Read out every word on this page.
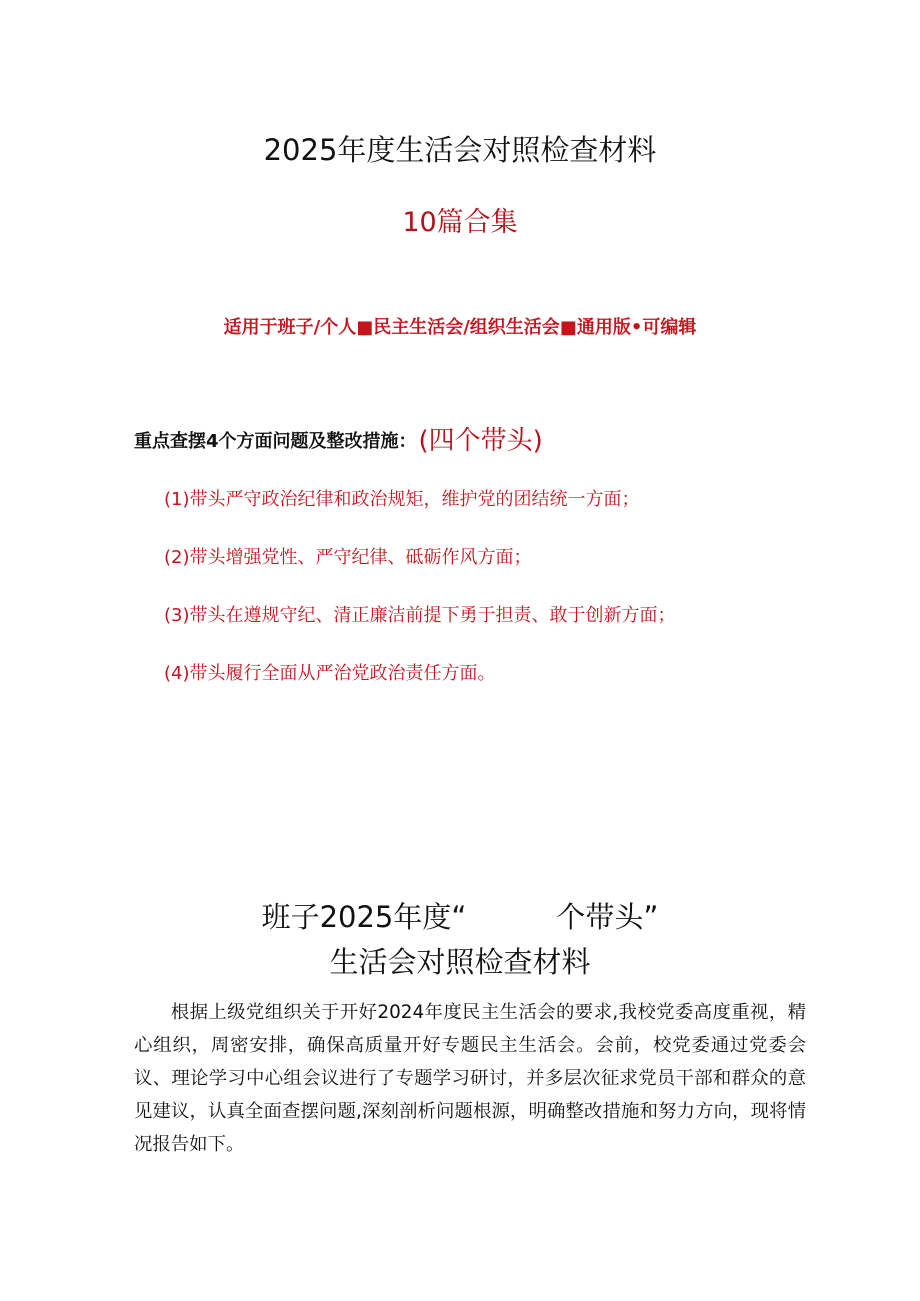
2025年度生活会对照检查材料
10篇合集
适用于班子/个人■民主生活会/组织生活会■通用版•可编辑
重点查摆4个方面问题及整改措施：(四个带头)
(1)带头严守政治纪律和政治规矩，维护党的团结统一方面；
(2)带头增强党性、严守纪律、砥砺作风方面；
(3)带头在遵规守纪、清正廉洁前提下勇于担责、敢于创新方面；
(4)带头履行全面从严治党政治责任方面。
班子2025年度“	个带头”
生活会对照检查材料
根据上级党组织关于开好2024年度民主生活会的要求,我校党委高度重视，精心组织，周密安排，确保高质量开好专题民主生活会。会前，校党委通过党委会议、理论学习中心组会议进行了专题学习研讨，并多层次征求党员干部和群众的意见建议，认真全面查摆问题,深刻剖析问题根源，明确整改措施和努力方向，现将情况报告如下。
